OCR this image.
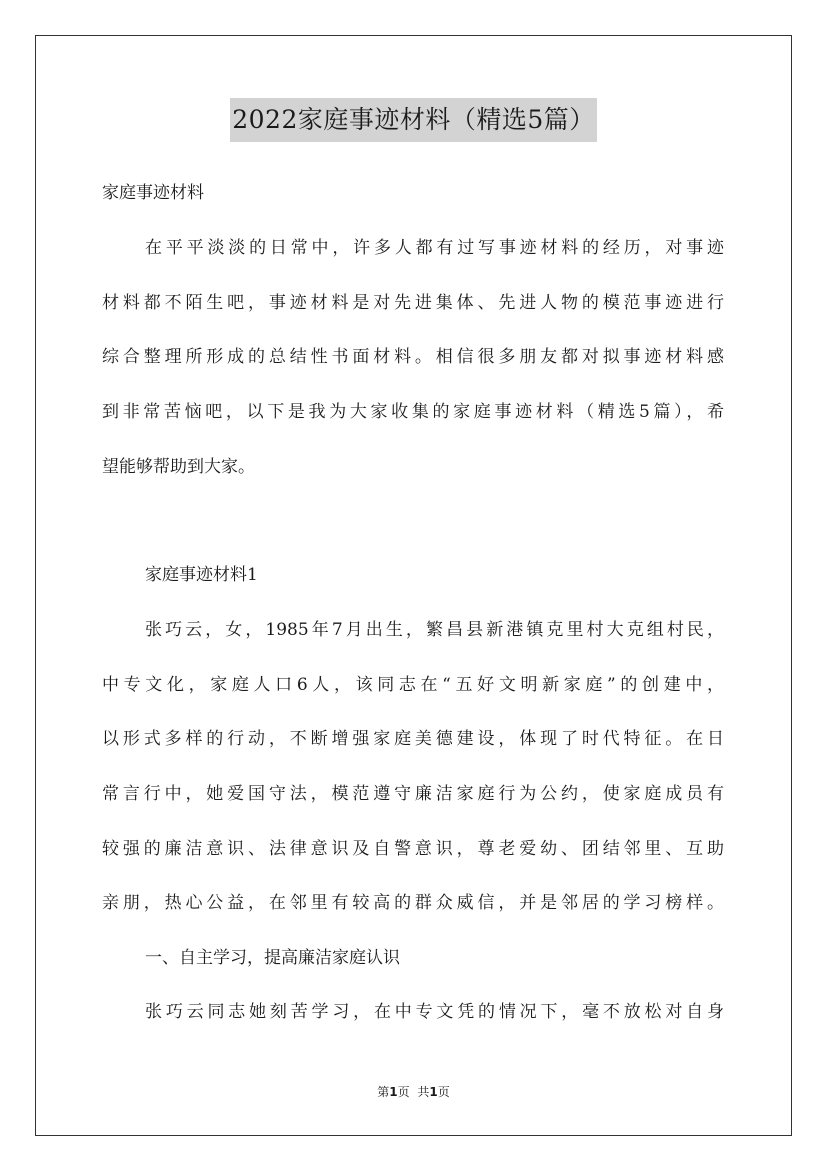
2022家庭事迹材料（精选5篇）
家庭事迹材料
在平平淡淡的日常中，许多人都有过写事迹材料的经历，对事迹
材料都不陌生吧，事迹材料是对先进集体、先进人物的模范事迹进行
综合整理所形成的总结性书面材料。相信很多朋友都对拟事迹材料感
到非常苦恼吧，以下是我为大家收集的家庭事迹材料（精选5篇），希
望能够帮助到大家。
家庭事迹材料1
张巧云，女，1985年7月出生，繁昌县新港镇克里村大克组村民，
中专文化，家庭人口6人，该同志在“五好文明新家庭”的创建中，
以形式多样的行动，不断增强家庭美德建设，体现了时代特征。在日
常言行中，她爱国守法，模范遵守廉洁家庭行为公约，使家庭成员有
较强的廉洁意识、法律意识及自警意识，尊老爱幼、团结邻里、互助
亲朋，热心公益，在邻里有较高的群众威信，并是邻居的学习榜样。
一、自主学习，提高廉洁家庭认识
张巧云同志她刻苦学习，在中专文凭的情况下，毫不放松对自身
第1页 共1页
